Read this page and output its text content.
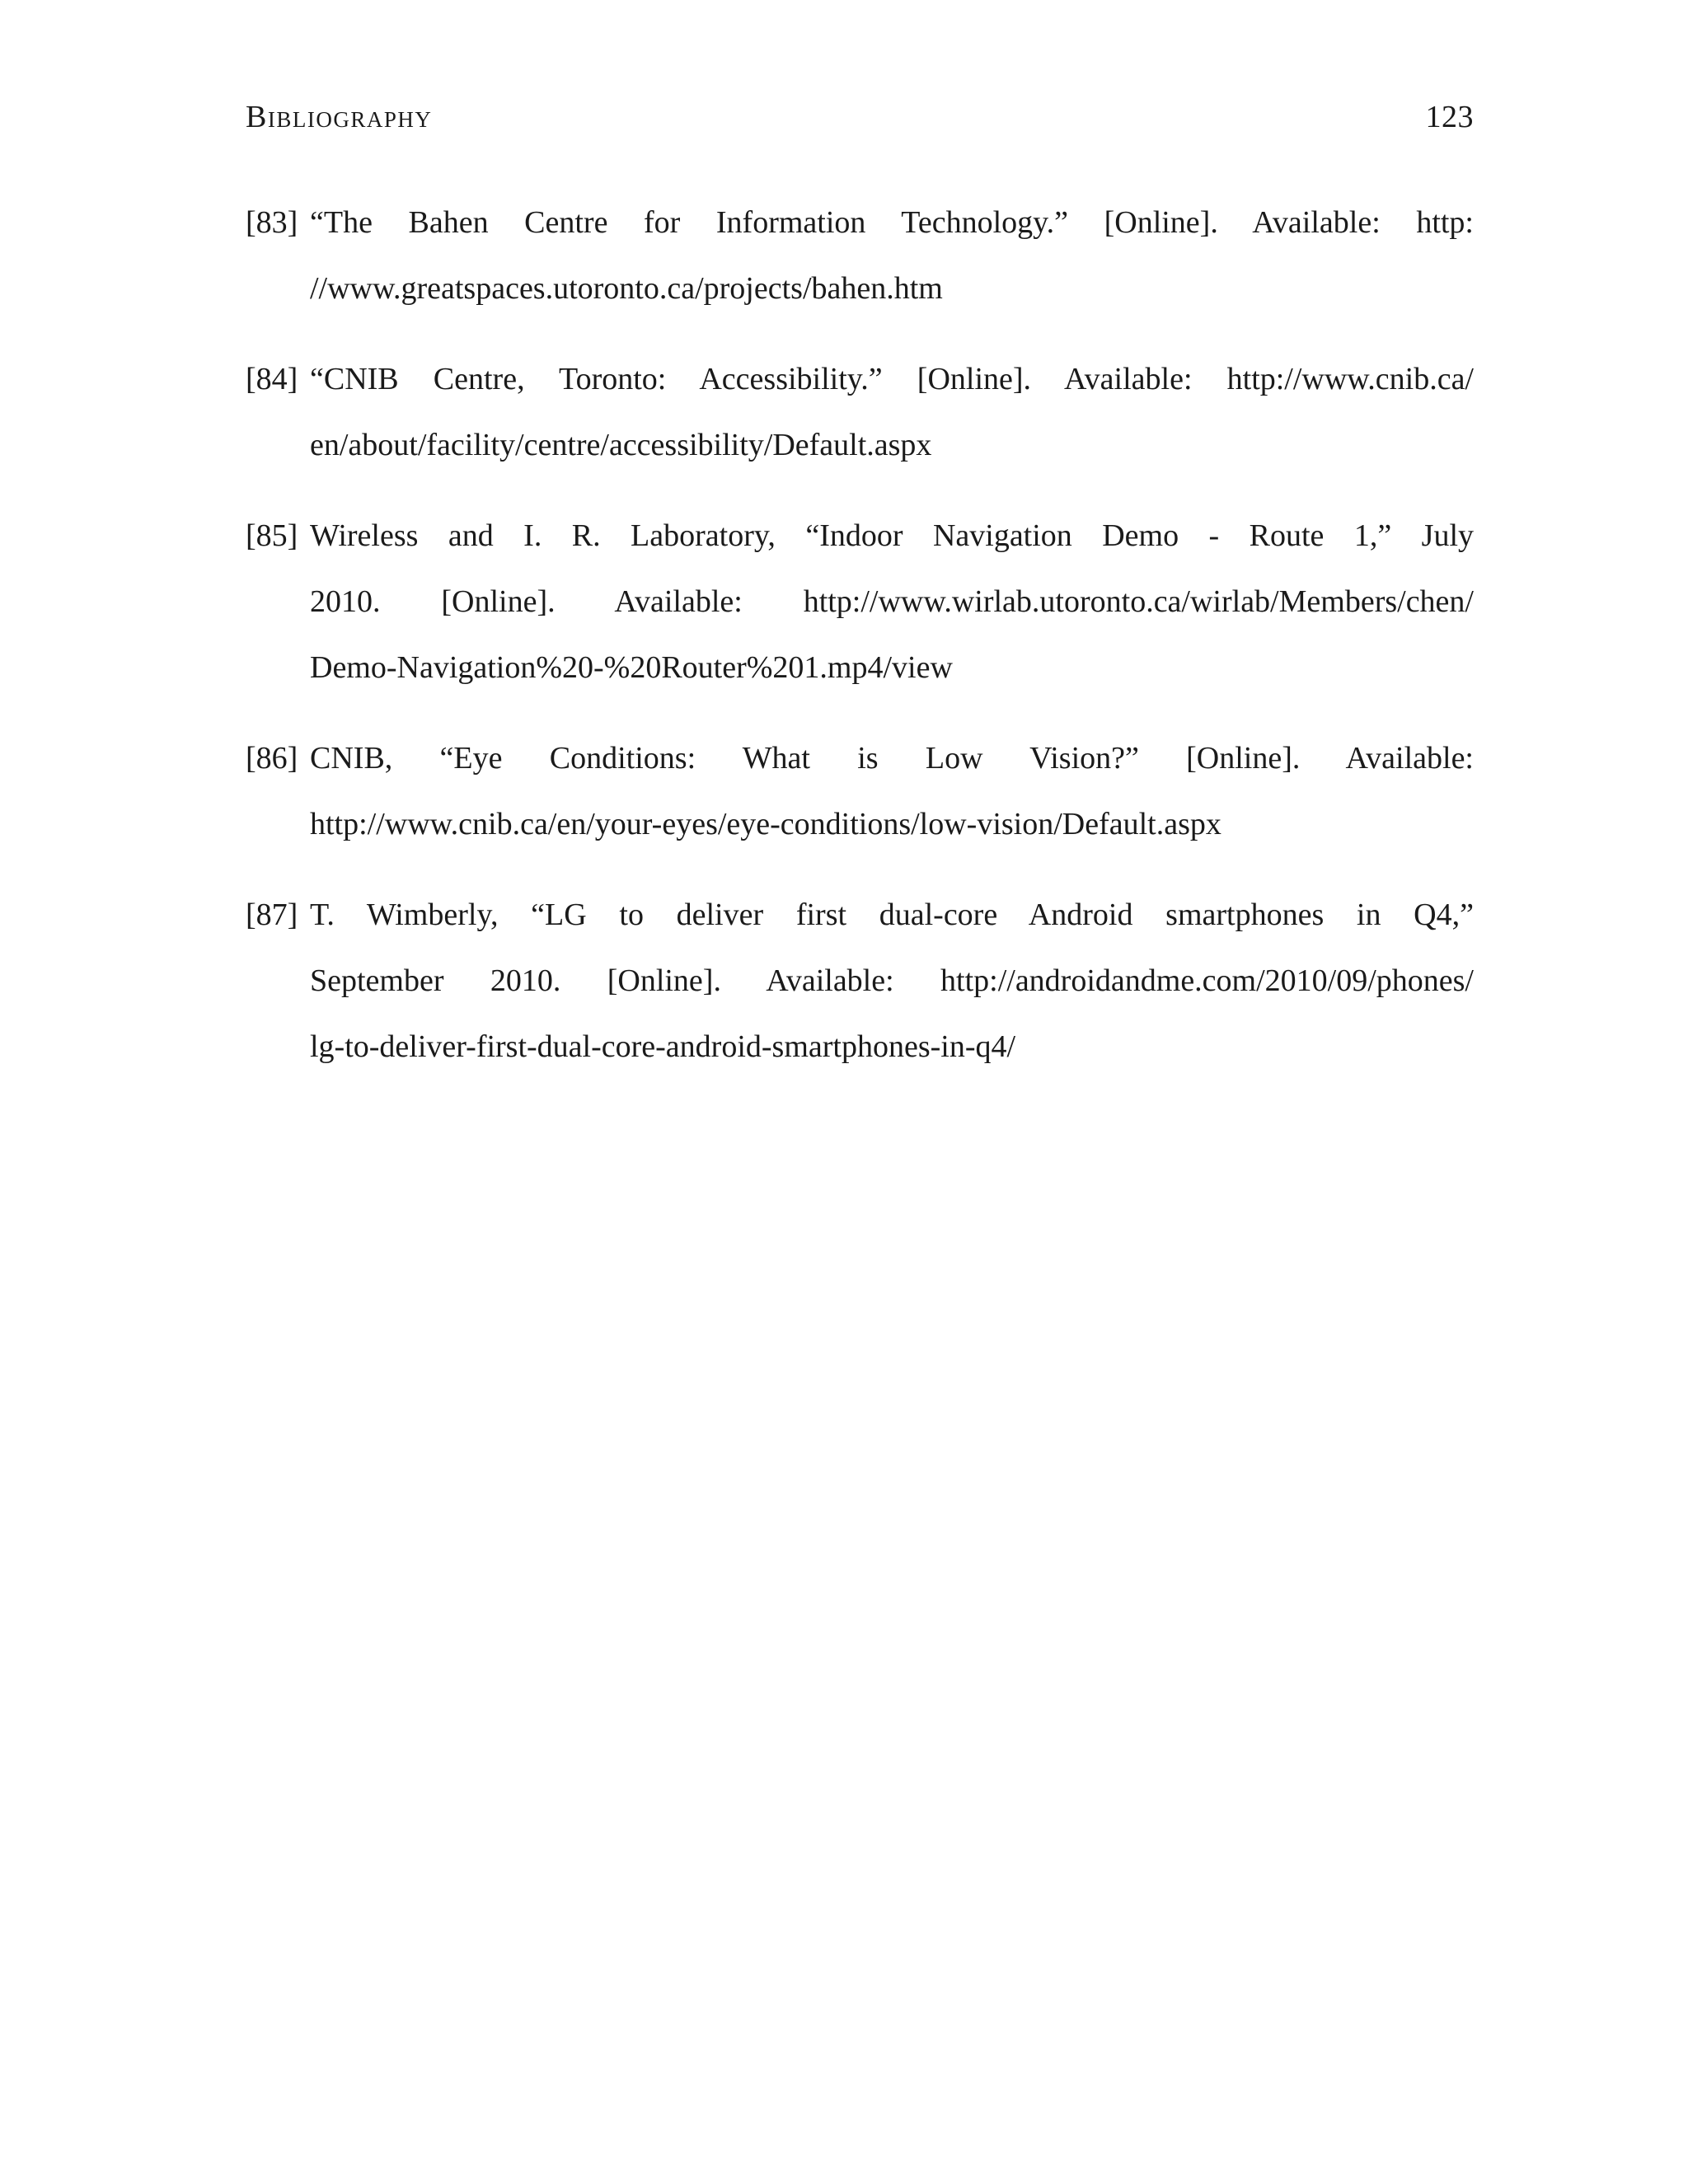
Bibliography	123
[83] “The Bahen Centre for Information Technology.” [Online]. Available: http:
//www.greatspaces.utoronto.ca/projects/bahen.htm
[84] “CNIB Centre, Toronto: Accessibility.” [Online]. Available: http://www.cnib.ca/
en/about/facility/centre/accessibility/Default.aspx
[85] Wireless and I. R. Laboratory, “Indoor Navigation Demo - Route 1,” July
2010. [Online]. Available: http://www.wirlab.utoronto.ca/wirlab/Members/chen/
Demo-Navigation%20-%20Router%201.mp4/view
[86] CNIB, “Eye Conditions: What is Low Vision?” [Online]. Available:
http://www.cnib.ca/en/your-eyes/eye-conditions/low-vision/Default.aspx
[87] T. Wimberly, “LG to deliver first dual-core Android smartphones in Q4,”
September 2010. [Online]. Available: http://androidandme.com/2010/09/phones/
lg-to-deliver-first-dual-core-android-smartphones-in-q4/
